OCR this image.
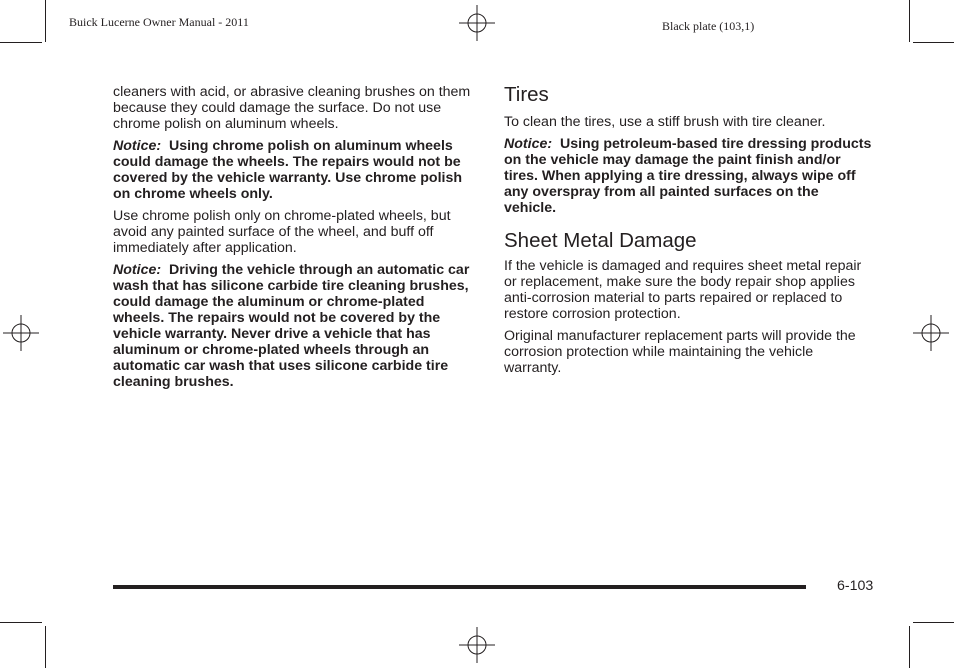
Buick Lucerne Owner Manual - 2011	Black plate (103,1)

cleaners with acid, or abrasive cleaning brushes on them because they could damage the surface. Do not use chrome polish on aluminum wheels.

Notice: Using chrome polish on aluminum wheels could damage the wheels. The repairs would not be covered by the vehicle warranty. Use chrome polish on chrome wheels only.

Use chrome polish only on chrome-plated wheels, but avoid any painted surface of the wheel, and buff off immediately after application.

Notice: Driving the vehicle through an automatic car wash that has silicone carbide tire cleaning brushes, could damage the aluminum or chrome-plated wheels. The repairs would not be covered by the vehicle warranty. Never drive a vehicle that has aluminum or chrome-plated wheels through an automatic car wash that uses silicone carbide tire cleaning brushes.

Tires

To clean the tires, use a stiff brush with tire cleaner.

Notice: Using petroleum-based tire dressing products on the vehicle may damage the paint finish and/or tires. When applying a tire dressing, always wipe off any overspray from all painted surfaces on the vehicle.

Sheet Metal Damage

If the vehicle is damaged and requires sheet metal repair or replacement, make sure the body repair shop applies anti-corrosion material to parts repaired or replaced to restore corrosion protection.

Original manufacturer replacement parts will provide the corrosion protection while maintaining the vehicle warranty.

6-103
